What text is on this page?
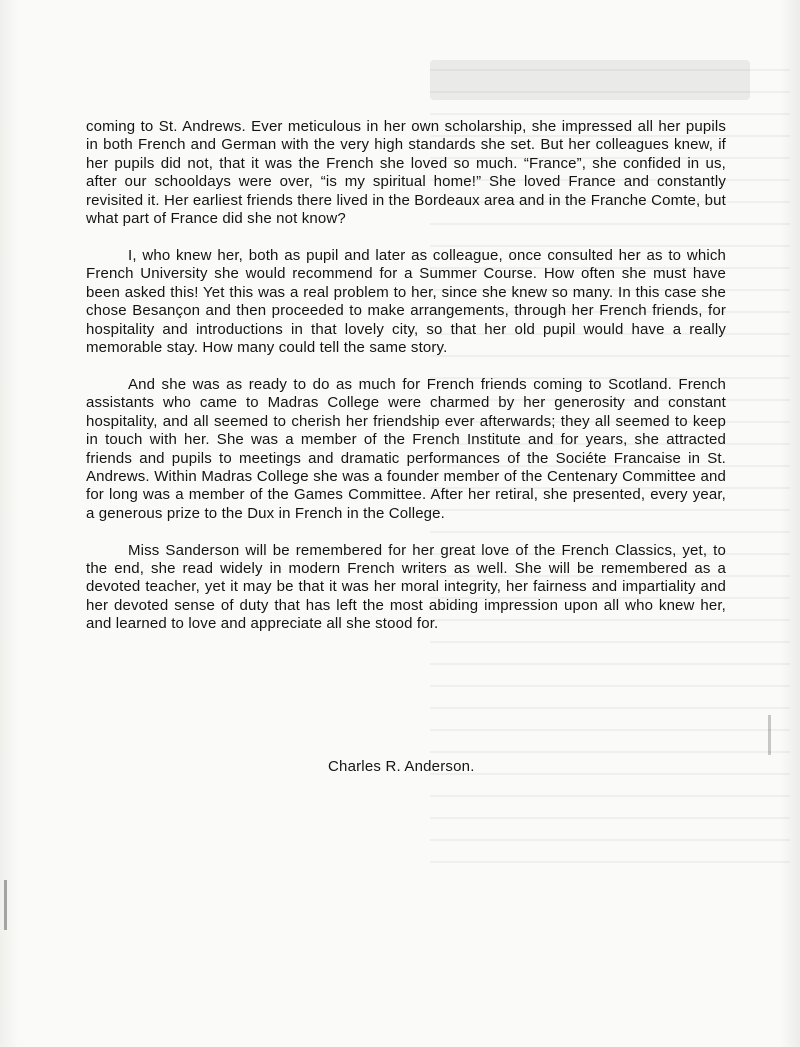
coming to St. Andrews. Ever meticulous in her own scholarship, she impressed all her pupils in both French and German with the very high standards she set. But her colleagues knew, if her pupils did not, that it was the French she loved so much. “France”, she confided in us, after our schooldays were over, “is my spiritual home!” She loved France and constantly revisited it. Her earliest friends there lived in the Bordeaux area and in the Franche Comte, but what part of France did she not know?

I, who knew her, both as pupil and later as colleague, once consulted her as to which French University she would recommend for a Summer Course. How often she must have been asked this! Yet this was a real problem to her, since she knew so many. In this case she chose Besançon and then proceeded to make arrangements, through her French friends, for hospitality and introductions in that lovely city, so that her old pupil would have a really memorable stay. How many could tell the same story.

And she was as ready to do as much for French friends coming to Scotland. French assistants who came to Madras College were charmed by her generosity and constant hospitality, and all seemed to cherish her friendship ever afterwards; they all seemed to keep in touch with her. She was a member of the French Institute and for years, she attracted friends and pupils to meetings and dramatic performances of the Sociéte Francaise in St. Andrews. Within Madras College she was a founder member of the Centenary Committee and for long was a member of the Games Committee. After her retiral, she presented, every year, a generous prize to the Dux in French in the College.

Miss Sanderson will be remembered for her great love of the French Classics, yet, to the end, she read widely in modern French writers as well. She will be remembered as a devoted teacher, yet it may be that it was her moral integrity, her fairness and impartiality and her devoted sense of duty that has left the most abiding impression upon all who knew her, and learned to love and appreciate all she stood for.

Charles R. Anderson.
